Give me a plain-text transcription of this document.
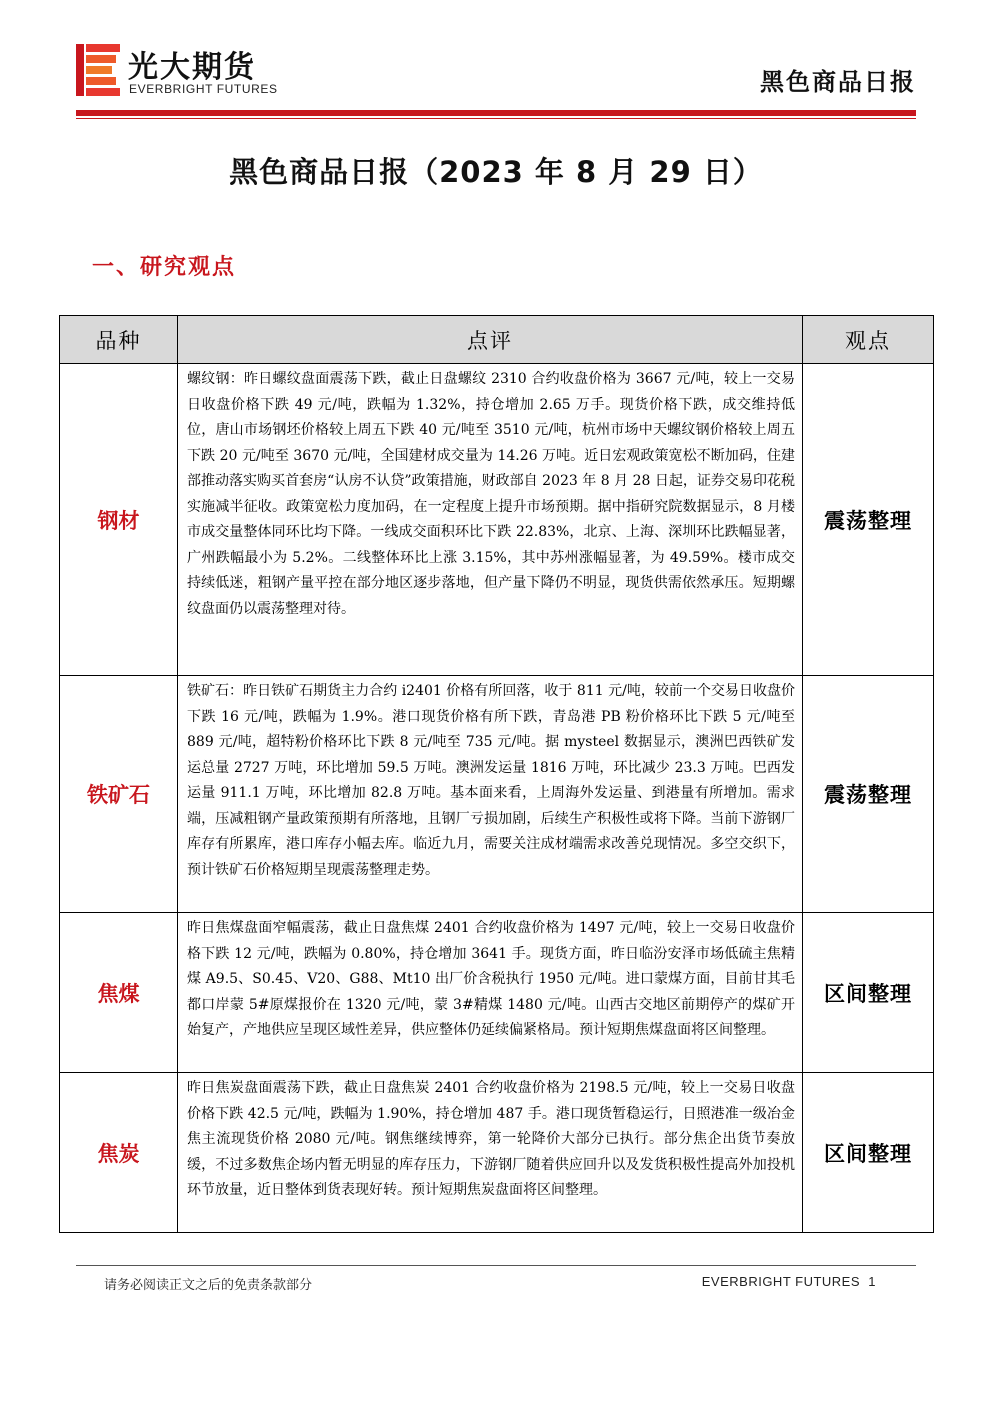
光大期货
EVERBRIGHT FUTURES	黑色商品日报
黑色商品日报（2023 年 8 月 29 日）
一、研究观点
品种	点评	观点
钢材	螺纹钢：昨日螺纹盘面震荡下跌，截止日盘螺纹 2310 合约收盘价格为 3667 元/吨，较上一交易日收盘价格下跌 49 元/吨，跌幅为 1.32%，持仓增加 2.65 万手。现货价格下跌，成交维持低位，唐山市场钢坯价格较上周五下跌 40 元/吨至 3510 元/吨，杭州市场中天螺纹钢价格较上周五下跌 20 元/吨至 3670 元/吨，全国建材成交量为 14.26 万吨。近日宏观政策宽松不断加码，住建部推动落实购买首套房“认房不认贷”政策措施，财政部自 2023 年 8 月 28 日起，证券交易印花税实施减半征收。政策宽松力度加码，在一定程度上提升市场预期。据中指研究院数据显示，8 月楼市成交量整体同环比均下降。一线成交面积环比下跌 22.83%，北京、上海、深圳环比跌幅显著，广州跌幅最小为 5.2%。二线整体环比上涨 3.15%，其中苏州涨幅显著，为 49.59%。楼市成交持续低迷，粗钢产量平控在部分地区逐步落地，但产量下降仍不明显，现货供需依然承压。短期螺纹盘面仍以震荡整理对待。	震荡整理
铁矿石	铁矿石：昨日铁矿石期货主力合约 i2401 价格有所回落，收于 811 元/吨，较前一个交易日收盘价下跌 16 元/吨，跌幅为 1.9%。港口现货价格有所下跌，青岛港 PB 粉价格环比下跌 5 元/吨至 889 元/吨，超特粉价格环比下跌 8 元/吨至 735 元/吨。据 mysteel 数据显示，澳洲巴西铁矿发运总量 2727 万吨，环比增加 59.5 万吨。澳洲发运量 1816 万吨，环比减少 23.3 万吨。巴西发运量 911.1 万吨，环比增加 82.8 万吨。基本面来看，上周海外发运量、到港量有所增加。需求端，压减粗钢产量政策预期有所落地，且钢厂亏损加剧，后续生产积极性或将下降。当前下游钢厂库存有所累库，港口库存小幅去库。临近九月，需要关注成材端需求改善兑现情况。多空交织下，预计铁矿石价格短期呈现震荡整理走势。	震荡整理
焦煤	昨日焦煤盘面窄幅震荡，截止日盘焦煤 2401 合约收盘价格为 1497 元/吨，较上一交易日收盘价格下跌 12 元/吨，跌幅为 0.80%，持仓增加 3641 手。现货方面，昨日临汾安泽市场低硫主焦精煤 A9.5、S0.45、V20、G88、Mt10 出厂价含税执行 1950 元/吨。进口蒙煤方面，目前甘其毛都口岸蒙 5#原煤报价在 1320 元/吨，蒙 3#精煤 1480 元/吨。山西古交地区前期停产的煤矿开始复产，产地供应呈现区域性差异，供应整体仍延续偏紧格局。预计短期焦煤盘面将区间整理。	区间整理
焦炭	昨日焦炭盘面震荡下跌，截止日盘焦炭 2401 合约收盘价格为 2198.5 元/吨，较上一交易日收盘价格下跌 42.5 元/吨，跌幅为 1.90%，持仓增加 487 手。港口现货暂稳运行，日照港准一级冶金焦主流现货价格 2080 元/吨。钢焦继续博弈，第一轮降价大部分已执行。部分焦企出货节奏放缓，不过多数焦企场内暂无明显的库存压力，下游钢厂随着供应回升以及发货积极性提高外加投机环节放量，近日整体到货表现好转。预计短期焦炭盘面将区间整理。	区间整理
请务必阅读正文之后的免责条款部分	EVERBRIGHT FUTURES 1
